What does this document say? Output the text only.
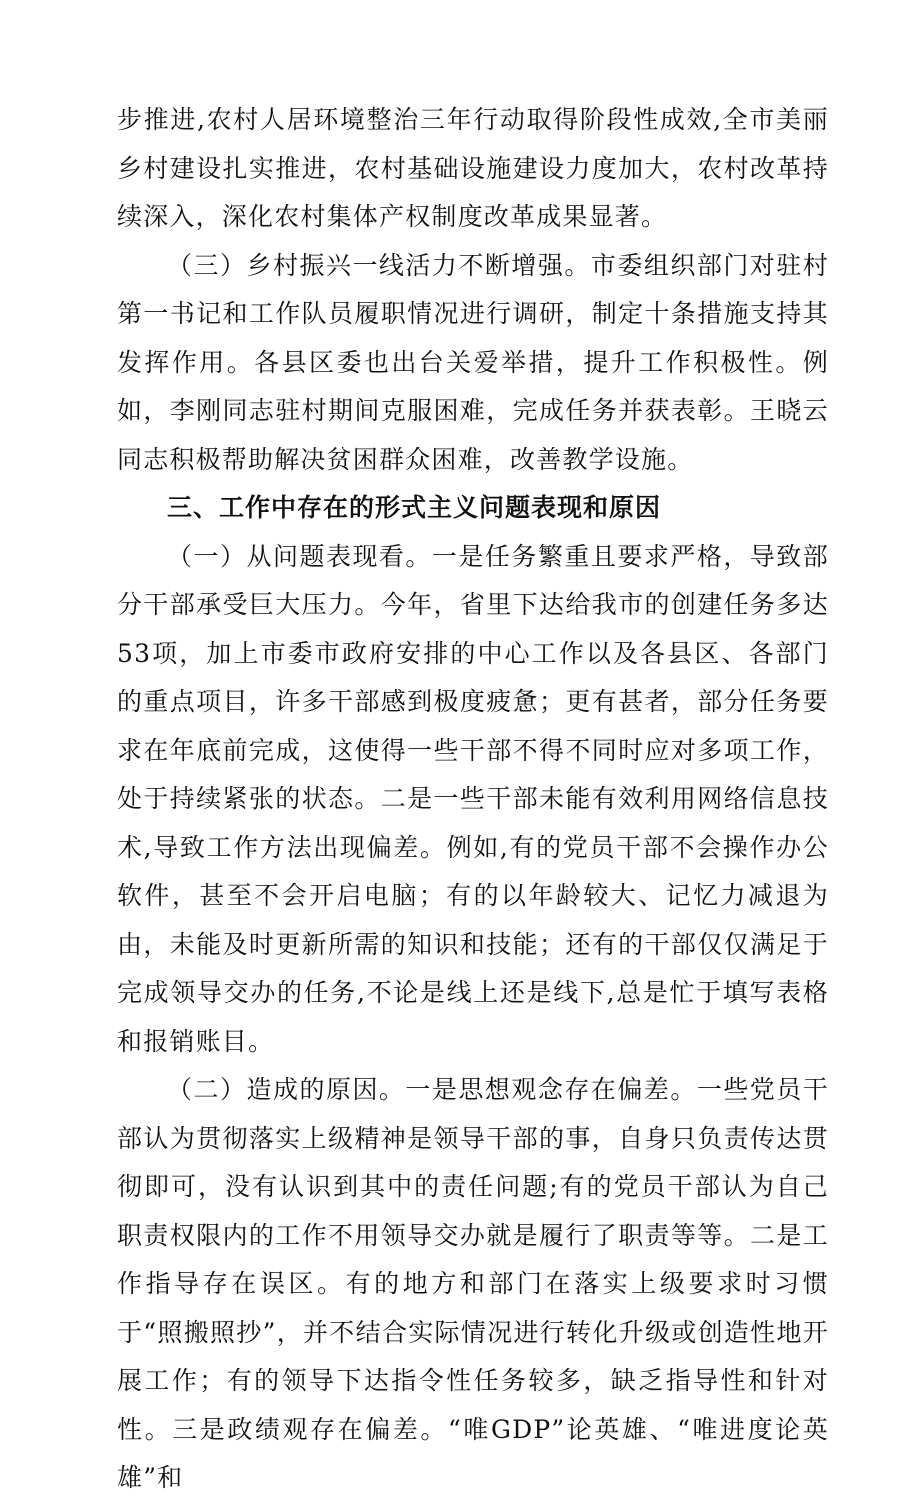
步推进,农村人居环境整治三年行动取得阶段性成效,全市美丽乡村建设扎实推进，农村基础设施建设力度加大，农村改革持续深入，深化农村集体产权制度改革成果显著。

（三）乡村振兴一线活力不断增强。市委组织部门对驻村第一书记和工作队员履职情况进行调研，制定十条措施支持其发挥作用。各县区委也出台关爱举措，提升工作积极性。例如，李刚同志驻村期间克服困难，完成任务并获表彰。王晓云同志积极帮助解决贫困群众困难，改善教学设施。

三、工作中存在的形式主义问题表现和原因

（一）从问题表现看。一是任务繁重且要求严格，导致部分干部承受巨大压力。今年，省里下达给我市的创建任务多达53项，加上市委市政府安排的中心工作以及各县区、各部门的重点项目，许多干部感到极度疲惫；更有甚者，部分任务要求在年底前完成，这使得一些干部不得不同时应对多项工作，处于持续紧张的状态。二是一些干部未能有效利用网络信息技术,导致工作方法出现偏差。例如,有的党员干部不会操作办公软件，甚至不会开启电脑；有的以年龄较大、记忆力减退为由，未能及时更新所需的知识和技能；还有的干部仅仅满足于完成领导交办的任务,不论是线上还是线下,总是忙于填写表格和报销账目。

（二）造成的原因。一是思想观念存在偏差。一些党员干部认为贯彻落实上级精神是领导干部的事，自身只负责传达贯彻即可，没有认识到其中的责任问题;有的党员干部认为自己职责权限内的工作不用领导交办就是履行了职责等等。二是工作指导存在误区。有的地方和部门在落实上级要求时习惯于“照搬照抄”，并不结合实际情况进行转化升级或创造性地开展工作；有的领导下达指令性任务较多，缺乏指导性和针对性。三是政绩观存在偏差。“唯GDP”论英雄、“唯进度论英雄”和
